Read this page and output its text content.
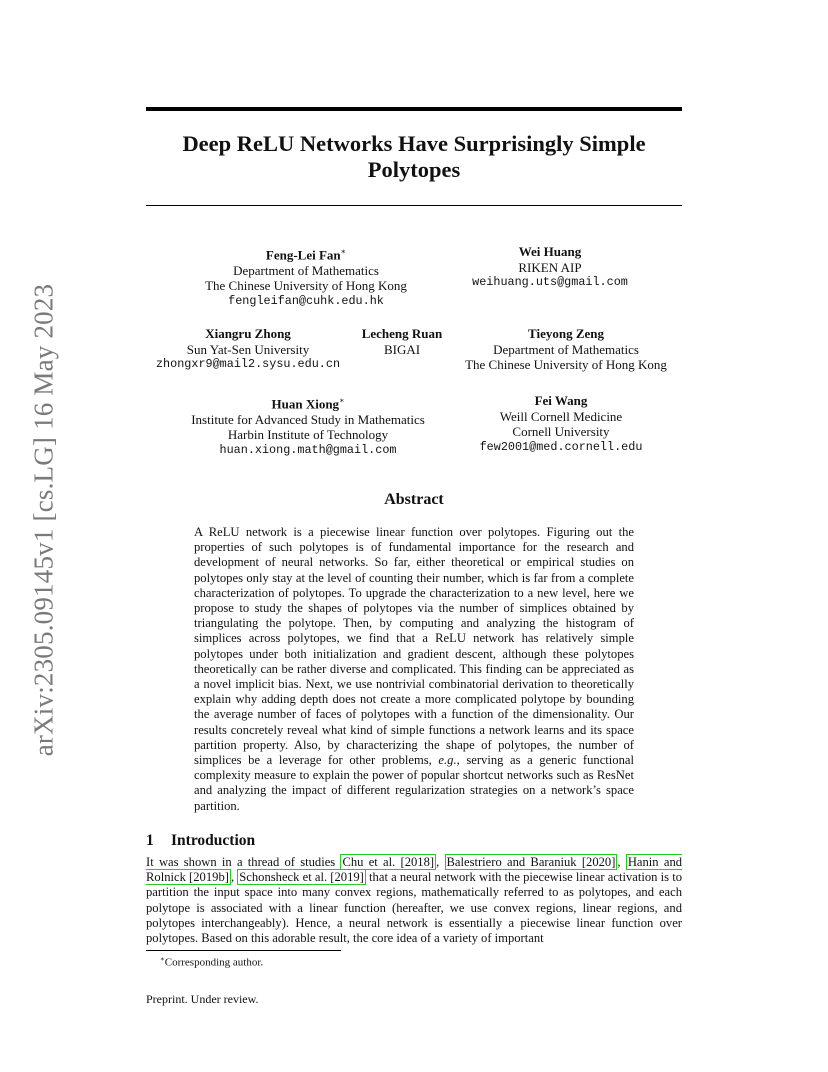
arXiv:2305.09145v1 [cs.LG] 16 May 2023
Deep ReLU Networks Have Surprisingly Simple Polytopes
Feng-Lei Fan∗
Department of Mathematics
The Chinese University of Hong Kong
fengleifan@cuhk.edu.hk
Wei Huang
RIKEN AIP
weihuang.uts@gmail.com
Xiangru Zhong
Sun Yat-Sen University
zhongxr9@mail2.sysu.edu.cn
Lecheng Ruan
BIGAI
Tieyong Zeng
Department of Mathematics
The Chinese University of Hong Kong
Huan Xiong∗
Institute for Advanced Study in Mathematics
Harbin Institute of Technology
huan.xiong.math@gmail.com
Fei Wang
Weill Cornell Medicine
Cornell University
few2001@med.cornell.edu
Abstract

A ReLU network is a piecewise linear function over polytopes. Figuring out the properties of such polytopes is of fundamental importance for the research and development of neural networks. So far, either theoretical or empirical studies on polytopes only stay at the level of counting their number, which is far from a complete characterization of polytopes. To upgrade the characterization to a new level, here we propose to study the shapes of polytopes via the number of simplices obtained by triangulating the polytope. Then, by computing and analyzing the histogram of simplices across polytopes, we find that a ReLU network has relatively simple polytopes under both initialization and gradient descent, although these polytopes theoretically can be rather diverse and complicated. This finding can be appreciated as a novel implicit bias. Next, we use nontrivial combinatorial derivation to theoretically explain why adding depth does not create a more complicated polytope by bounding the average number of faces of polytopes with a function of the dimensionality. Our results concretely reveal what kind of simple functions a network learns and its space partition property. Also, by characterizing the shape of polytopes, the number of simplices be a leverage for other problems, e.g., serving as a generic functional complexity measure to explain the power of popular shortcut networks such as ResNet and analyzing the impact of different regularization strategies on a network’s space partition.

1 Introduction

It was shown in a thread of studies Chu et al. [2018] , Balestriero and Baraniuk [2020] , Hanin and Rolnick [2019b] , Schonsheck et al. [2019] that a neural network with the piecewise linear activation is to partition the input space into many convex regions, mathematically referred to as polytopes, and each polytope is associated with a linear function (hereafter, we use convex regions, linear regions, and polytopes interchangeably). Hence, a neural network is essentially a piecewise linear function over polytopes. Based on this adorable result, the core idea of a variety of important

∗Corresponding author.
Preprint. Under review.
